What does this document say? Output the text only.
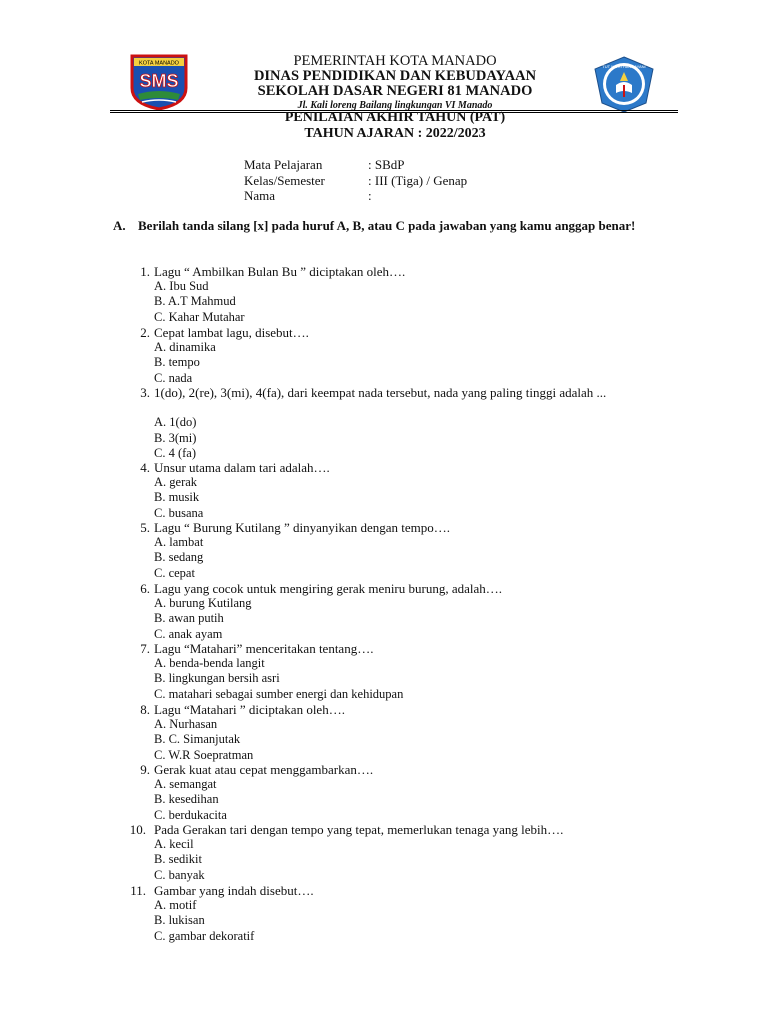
KOTA MANADO
SMS
TUT WURI HANDAYANI
PEMERINTAH KOTA MANADO
DINAS PENDIDIKAN DAN KEBUDAYAAN
SEKOLAH DASAR NEGERI 81 MANADO
Jl. Kali loreng Bailang lingkungan VI Manado
PENILAIAN AKHIR TAHUN (PAT)
TAHUN AJARAN : 2022/2023
Mata Pelajaran	: SBdP
Kelas/Semester	: III (Tiga) / Genap
Nama	:
A. Berilah tanda silang [x] pada huruf A, B, atau C pada jawaban yang kamu anggap benar!
1. Lagu “ Ambilkan Bulan Bu ” diciptakan oleh….
A. Ibu Sud
B. A.T Mahmud
C. Kahar Mutahar
2. Cepat lambat lagu, disebut….
A. dinamika
B. tempo
C. nada
3. 1(do), 2(re), 3(mi), 4(fa), dari keempat nada tersebut, nada yang paling tinggi adalah ...
A. 1(do)
B. 3(mi)
C. 4 (fa)
4. Unsur utama dalam tari adalah….
A. gerak
B. musik
C. busana
5. Lagu “ Burung Kutilang ” dinyanyikan dengan tempo….
A. lambat
B. sedang
C. cepat
6. Lagu yang cocok untuk mengiring gerak meniru burung, adalah….
A. burung Kutilang
B. awan putih
C. anak ayam
7. Lagu “Matahari” menceritakan tentang….
A. benda-benda langit
B. lingkungan bersih asri
C. matahari sebagai sumber energi dan kehidupan
8. Lagu “Matahari ” diciptakan oleh….
A. Nurhasan
B. C. Simanjutak
C. W.R Soepratman
9. Gerak kuat atau cepat menggambarkan….
A. semangat
B. kesedihan
C. berdukacita
10. Pada Gerakan tari dengan tempo yang tepat, memerlukan tenaga yang lebih….
A. kecil
B. sedikit
C. banyak
11. Gambar yang indah disebut….
A. motif
B. lukisan
C. gambar dekoratif
